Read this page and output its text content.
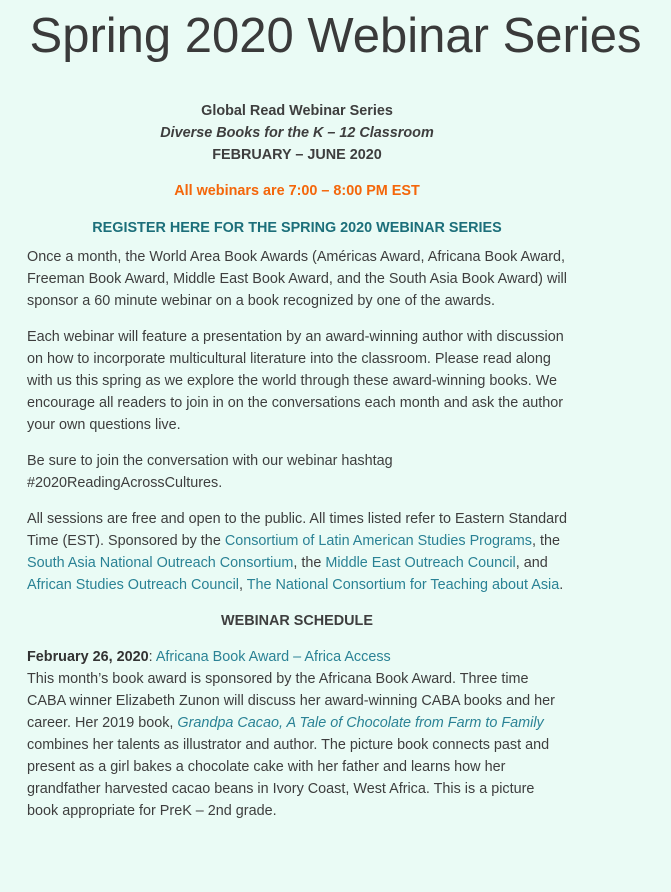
Spring 2020 Webinar Series
Global Read Webinar Series
Diverse Books for the K – 12 Classroom
FEBRUARY – JUNE 2020
All webinars are 7:00 – 8:00 PM EST
REGISTER HERE FOR THE SPRING 2020 WEBINAR SERIES

Once a month, the World Area Book Awards (Américas Award, Africana Book Award, Freeman Book Award, Middle East Book Award, and the South Asia Book Award) will sponsor a 60 minute webinar on a book recognized by one of the awards.

Each webinar will feature a presentation by an award-winning author with discussion on how to incorporate multicultural literature into the classroom. Please read along with us this spring as we explore the world through these award-winning books. We encourage all readers to join in on the conversations each month and ask the author your own questions live.

Be sure to join the conversation with our webinar hashtag #2020ReadingAcrossCultures.

All sessions are free and open to the public. All times listed refer to Eastern Standard Time (EST). Sponsored by the Consortium of Latin American Studies Programs, the South Asia National Outreach Consortium, the Middle East Outreach Council, and African Studies Outreach Council, The National Consortium for Teaching about Asia.

WEBINAR SCHEDULE
February 26, 2020: Africana Book Award – Africa Access
This month’s book award is sponsored by the Africana Book Award. Three time CABA winner Elizabeth Zunon will discuss her award-winning CABA books and her career. Her 2019 book, Grandpa Cacao, A Tale of Chocolate from Farm to Family combines her talents as illustrator and author. The picture book connects past and present as a girl bakes a chocolate cake with her father and learns how her grandfather harvested cacao beans in Ivory Coast, West Africa. This is a picture book appropriate for PreK – 2nd grade.
